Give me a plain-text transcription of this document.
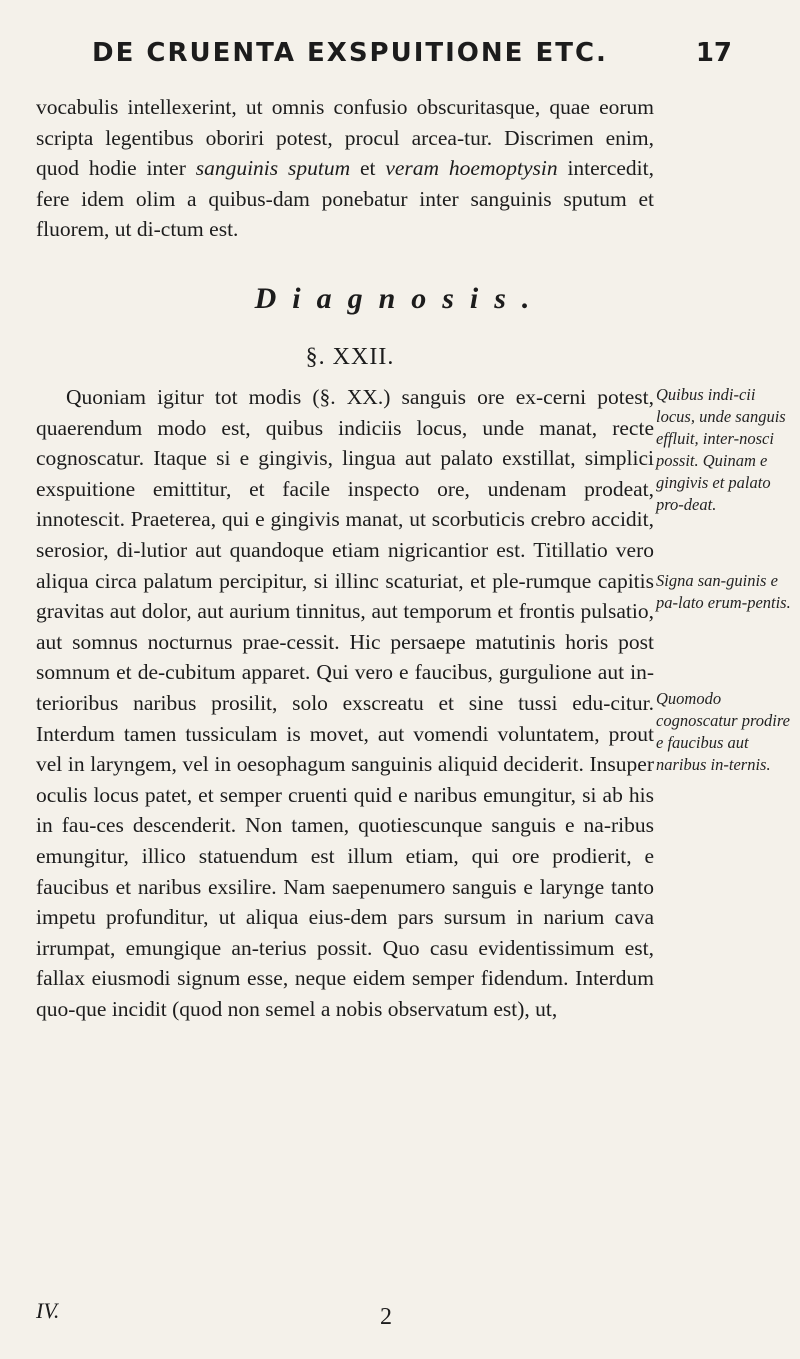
DE CRUENTA EXSPUITIONE ETC.	17

vocabulis intellexerint, ut omnis confusio obscuritasque, quae eorum scripta legentibus oboriri potest, procul arcea-tur. Discrimen enim, quod hodie inter sanguinis sputum et veram hoemoptysin intercedit, fere idem olim a quibus-dam ponebatur inter sanguinis sputum et fluorem, ut di-ctum est.

Diagnosis.
§. XXII.

Quoniam igitur tot modis (§. XX.) sanguis ore ex-cerni potest, quaerendum modo est, quibus indiciis locus, unde manat, recte cognoscatur. Itaque si e gingivis, lingua aut palato exstillat, simplici exspuitione emittitur, et facile inspecto ore, undenam prodeat, innotescit. Praeterea, qui e gingivis manat, ut scorbuticis crebro accidit, serosior, di-lutior aut quandoque etiam nigricantior est. Titillatio vero aliqua circa palatum percipitur, si illinc scaturiat, et ple-rumque capitis gravitas aut dolor, aut aurium tinnitus, aut temporum et frontis pulsatio, aut somnus nocturnus prae-cessit. Hic persaepe matutinis horis post somnum et de-cubitum apparet. Qui vero e faucibus, gurgulione aut in-terioribus naribus prosilit, solo exscreatu et sine tussi edu-citur. Interdum tamen tussiculam is movet, aut vomendi voluntatem, prout vel in laryngem, vel in oesophagum sanguinis aliquid deciderit. Insuper oculis locus patet, et semper cruenti quid e naribus emungitur, si ab his in fau-ces descenderit. Non tamen, quotiescunque sanguis e na-ribus emungitur, illico statuendum est illum etiam, qui ore prodierit, e faucibus et naribus exsilire. Nam saepenumero sanguis e larynge tanto impetu profunditur, ut aliqua eius-dem pars sursum in narium cava irrumpat, emungique an-terius possit. Quo casu evidentissimum est, fallax eiusmodi signum esse, neque eidem semper fidendum. Interdum quo-que incidit (quod non semel a nobis observatum est), ut,

Quibus indi-cii locus, unde sanguis effluit, inter-nosci possit. Quinam e gingivis et palato pro-deat.

Signa san-guinis e pa-lato erum-pentis.

Quomodo cognoscatur prodire e faucibus aut naribus in-ternis.

IV.	2
